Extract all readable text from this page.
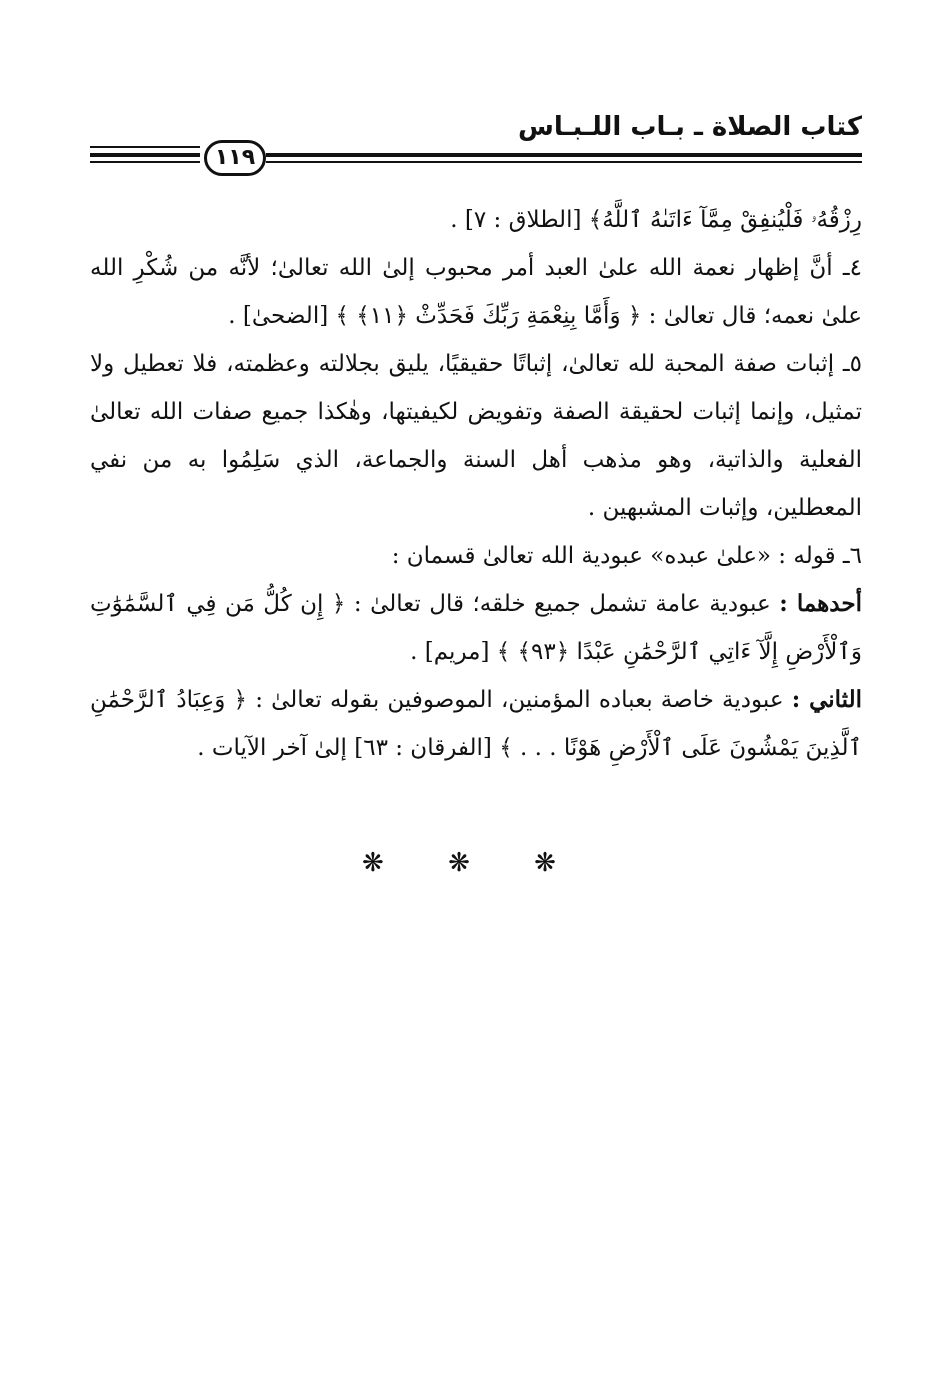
كتاب الصلاة ـ بـاب اللـبـاس
١١٩

رِزْقُهُۥ فَلْيُنفِقْ مِمَّآ ءَاتَىٰهُ ٱللَّهُ﴾ [الطلاق : ٧] .

٤ـ أنَّ إظهار نعمة الله علىٰ العبد أمر محبوب إلىٰ الله تعالىٰ؛ لأنَّه من شُكْرِ الله علىٰ نعمه؛ قال تعالىٰ : ﴿ وَأَمَّا بِنِعْمَةِ رَبِّكَ فَحَدِّثْ ﴿١١﴾ ﴾ [الضحىٰ] .

٥ـ إثبات صفة المحبة لله تعالىٰ، إثباتًا حقيقيًا، يليق بجلالته وعظمته، فلا تعطيل ولا تمثيل، وإنما إثبات لحقيقة الصفة وتفويض لكيفيتها، وهٰكذا جميع صفات الله تعالىٰ الفعلية والذاتية، وهو مذهب أهل السنة والجماعة، الذي سَلِمُوا به من نفي المعطلين، وإثبات المشبهين .

٦ـ قوله : «علىٰ عبده» عبودية الله تعالىٰ قسمان :

أحدهما : عبودية عامة تشمل جميع خلقه؛ قال تعالىٰ : ﴿ إِن كُلُّ مَن فِي ٱلسَّمَٰوَٰتِ وَٱلْأَرْضِ إِلَّآ ءَاتِي ٱلرَّحْمَٰنِ عَبْدًا ﴿٩٣﴾ ﴾ [مريم] .

الثاني : عبودية خاصة بعباده المؤمنين، الموصوفين بقوله تعالىٰ : ﴿ وَعِبَادُ ٱلرَّحْمَٰنِ ٱلَّذِينَ يَمْشُونَ عَلَى ٱلْأَرْضِ هَوْنًا . . . ﴾ [الفرقان : ٦٣] إلىٰ آخر الآيات .

❋ ❋ ❋
